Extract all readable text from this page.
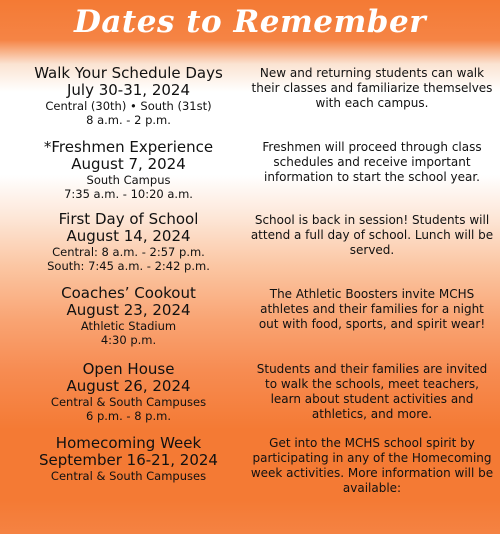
Dates to Remember
Walk Your Schedule Days
July 30-31, 2024
Central (30th) • South (31st)
8 a.m. - 2 p.m.
New and returning students can walk their classes and familiarize themselves with each campus.
*Freshmen Experience
August 7, 2024
South Campus
7:35 a.m. - 10:20 a.m.
Freshmen will proceed through class schedules and receive important information to start the school year.
First Day of School
August 14, 2024
Central: 8 a.m. - 2:57 p.m.
South: 7:45 a.m. - 2:42 p.m.
School is back in session! Students will attend a full day of school. Lunch will be served.
Coaches’ Cookout
August 23, 2024
Athletic Stadium
4:30 p.m.
The Athletic Boosters invite MCHS athletes and their families for a night out with food, sports, and spirit wear!
Open House
August 26, 2024
Central & South Campuses
6 p.m. - 8 p.m.
Students and their families are invited to walk the schools, meet teachers, learn about student activities and athletics, and more.
Homecoming Week
September 16-21, 2024
Central & South Campuses
Get into the MCHS school spirit by participating in any of the Homecoming week activities. More information will be available:
